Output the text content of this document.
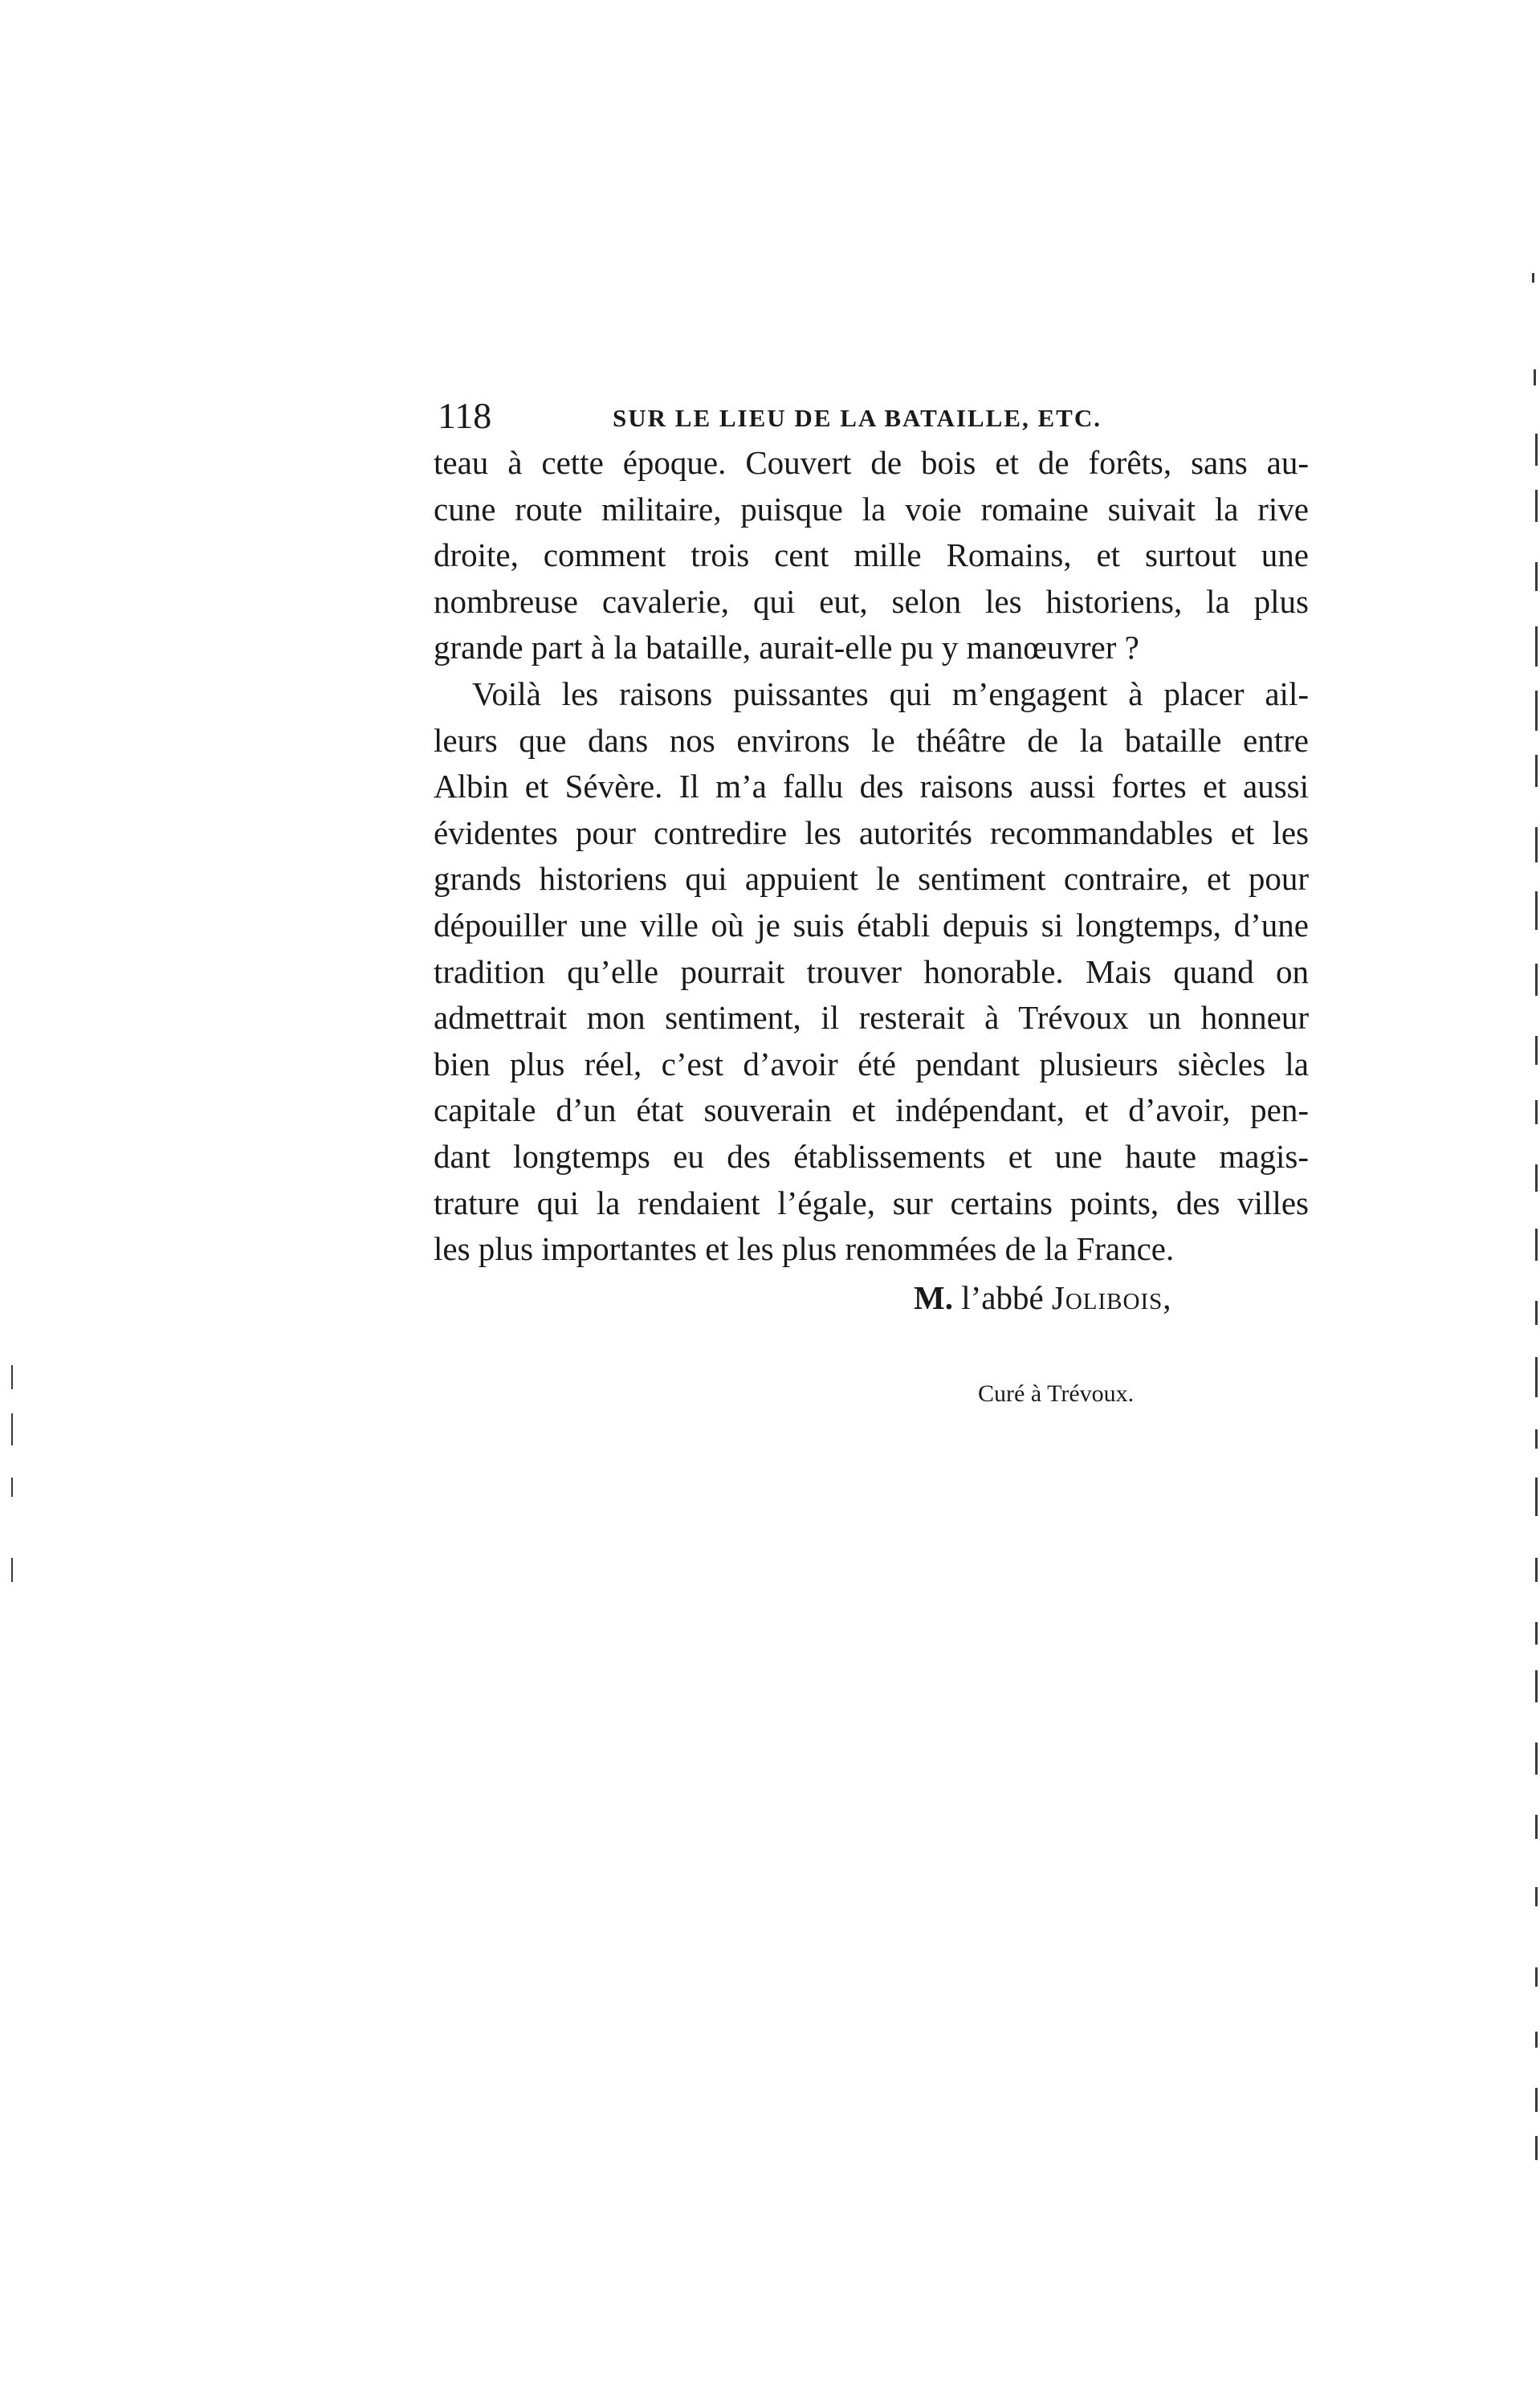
118	SUR LE LIEU DE LA BATAILLE, ETC.
teau à cette époque. Couvert de bois et de forêts, sans au-
cune route militaire, puisque la voie romaine suivait la rive
droite, comment trois cent mille Romains, et surtout une
nombreuse cavalerie, qui eut, selon les historiens, la plus
grande part à la bataille, aurait-elle pu y manœuvrer ?
Voilà les raisons puissantes qui m’engagent à placer ail-
leurs que dans nos environs le théâtre de la bataille entre
Albin et Sévère. Il m’a fallu des raisons aussi fortes et aussi
évidentes pour contredire les autorités recommandables et les
grands historiens qui appuient le sentiment contraire, et pour
dépouiller une ville où je suis établi depuis si longtemps, d’une
tradition qu’elle pourrait trouver honorable. Mais quand on
admettrait mon sentiment, il resterait à Trévoux un honneur
bien plus réel, c’est d’avoir été pendant plusieurs siècles la
capitale d’un état souverain et indépendant, et d’avoir, pen-
dant longtemps eu des établissements et une haute magis-
trature qui la rendaient l’égale, sur certains points, des villes
les plus importantes et les plus renommées de la France.
M. l’abbé Jolibois,
Curé à Trévoux.
